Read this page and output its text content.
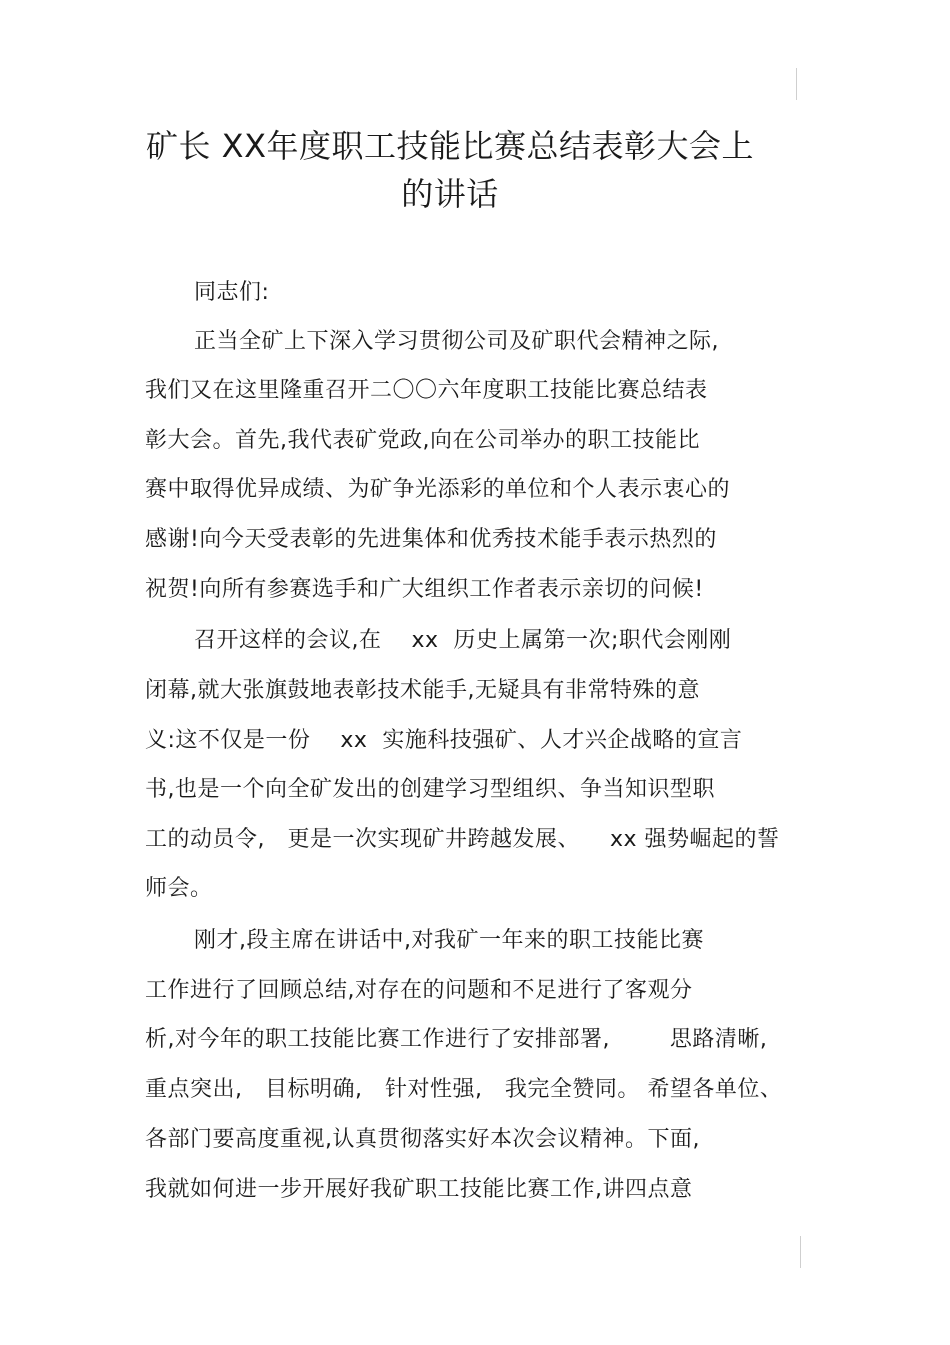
矿长 XX年度职工技能比赛总结表彰大会上
的讲话
同志们:
正当全矿上下深入学习贯彻公司及矿职代会精神之际,
我们又在这里隆重召开二〇〇六年度职工技能比赛总结表
彰大会。首先,我代表矿党政,向在公司举办的职工技能比
赛中取得优异成绩、为矿争光添彩的单位和个人表示衷心的
感谢!向今天受表彰的先进集体和优秀技术能手表示热烈的
祝贺!向所有参赛选手和广大组织工作者表示亲切的问候!
召开这样的会议,在    xx  历史上属第一次;职代会刚刚
闭幕,就大张旗鼓地表彰技术能手,无疑具有非常特殊的意
义:这不仅是一份    xx  实施科技强矿、人才兴企战略的宣言
书,也是一个向全矿发出的创建学习型组织、争当知识型职
工的动员令,   更是一次实现矿井跨越发展、    xx 强势崛起的誓
师会。
刚才,段主席在讲话中,对我矿一年来的职工技能比赛
工作进行了回顾总结,对存在的问题和不足进行了客观分
析,对今年的职工技能比赛工作进行了安排部署,        思路清晰,
重点突出,   目标明确,   针对性强,   我完全赞同。 希望各单位、
各部门要高度重视,认真贯彻落实好本次会议精神。下面,
我就如何进一步开展好我矿职工技能比赛工作,讲四点意
